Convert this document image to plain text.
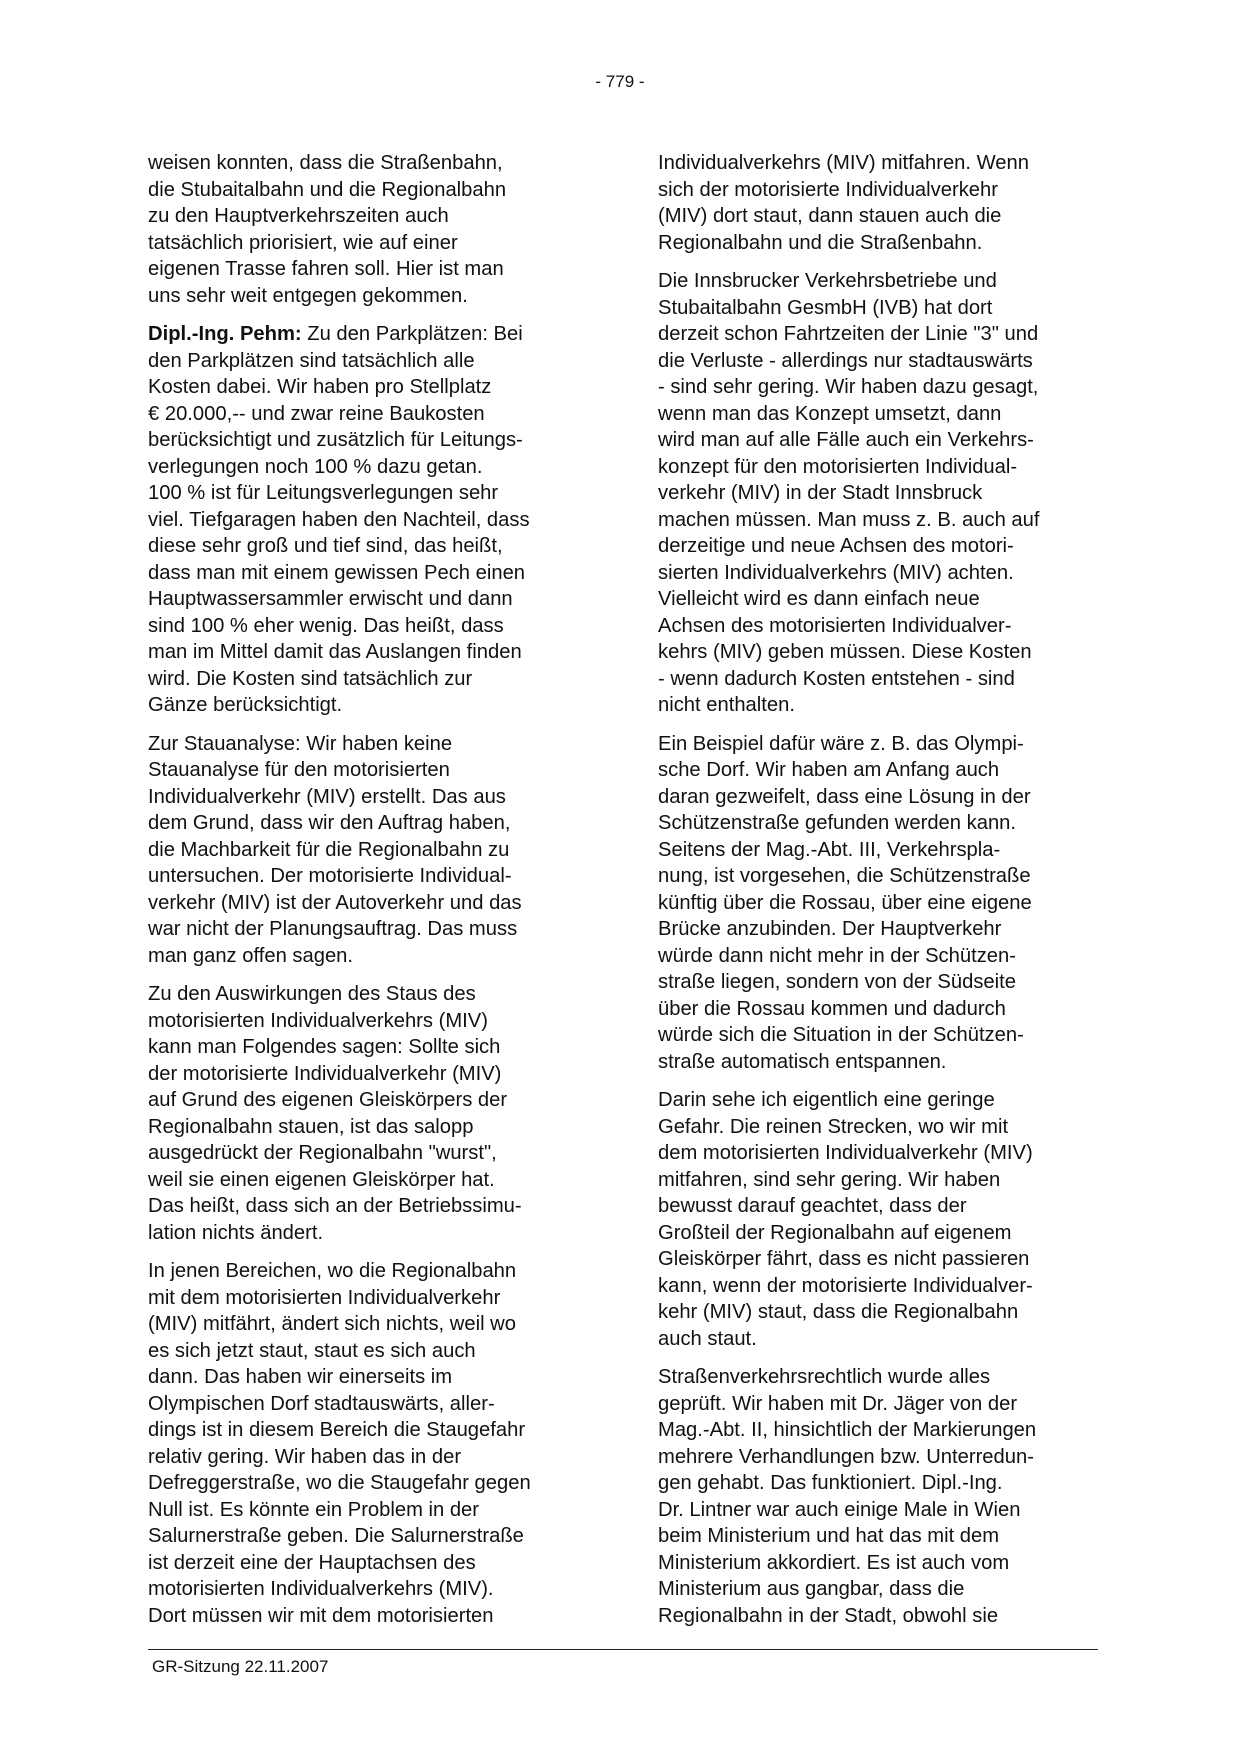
- 779 -
weisen konnten, dass die Straßenbahn,
die Stubaitalbahn und die Regionalbahn
zu den Hauptverkehrszeiten auch
tatsächlich priorisiert, wie auf einer
eigenen Trasse fahren soll. Hier ist man
uns sehr weit entgegen gekommen.
Dipl.-Ing. Pehm: Zu den Parkplätzen: Bei
den Parkplätzen sind tatsächlich alle
Kosten dabei. Wir haben pro Stellplatz
€ 20.000,-- und zwar reine Baukosten
berücksichtigt und zusätzlich für Leitungs-
verlegungen noch 100 % dazu getan.
100 % ist für Leitungsverlegungen sehr
viel. Tiefgaragen haben den Nachteil, dass
diese sehr groß und tief sind, das heißt,
dass man mit einem gewissen Pech einen
Hauptwassersammler erwischt und dann
sind 100 % eher wenig. Das heißt, dass
man im Mittel damit das Auslangen finden
wird. Die Kosten sind tatsächlich zur
Gänze berücksichtigt.
Zur Stauanalyse: Wir haben keine
Stauanalyse für den motorisierten
Individualverkehr (MIV) erstellt. Das aus
dem Grund, dass wir den Auftrag haben,
die Machbarkeit für die Regionalbahn zu
untersuchen. Der motorisierte Individual-
verkehr (MIV) ist der Autoverkehr und das
war nicht der Planungsauftrag. Das muss
man ganz offen sagen.
Zu den Auswirkungen des Staus des
motorisierten Individualverkehrs (MIV)
kann man Folgendes sagen: Sollte sich
der motorisierte Individualverkehr (MIV)
auf Grund des eigenen Gleiskörpers der
Regionalbahn stauen, ist das salopp
ausgedrückt der Regionalbahn "wurst",
weil sie einen eigenen Gleiskörper hat.
Das heißt, dass sich an der Betriebssimu-
lation nichts ändert.
In jenen Bereichen, wo die Regionalbahn
mit dem motorisierten Individualverkehr
(MIV) mitfährt, ändert sich nichts, weil wo
es sich jetzt staut, staut es sich auch
dann. Das haben wir einerseits im
Olympischen Dorf stadtauswärts, aller-
dings ist in diesem Bereich die Staugefahr
relativ gering. Wir haben das in der
Defreggerstraße, wo die Staugefahr gegen
Null ist. Es könnte ein Problem in der
Salurnerstraße geben. Die Salurnerstraße
ist derzeit eine der Hauptachsen des
motorisierten Individualverkehrs (MIV).
Dort müssen wir mit dem motorisierten
Individualverkehrs (MIV) mitfahren. Wenn
sich der motorisierte Individualverkehr
(MIV) dort staut, dann stauen auch die
Regionalbahn und die Straßenbahn.
Die Innsbrucker Verkehrsbetriebe und
Stubaitalbahn GesmbH (IVB) hat dort
derzeit schon Fahrtzeiten der Linie "3" und
die Verluste - allerdings nur stadtauswärts
- sind sehr gering. Wir haben dazu gesagt,
wenn man das Konzept umsetzt, dann
wird man auf alle Fälle auch ein Verkehrs-
konzept für den motorisierten Individual-
verkehr (MIV) in der Stadt Innsbruck
machen müssen. Man muss z. B. auch auf
derzeitige und neue Achsen des motori-
sierten Individualverkehrs (MIV) achten.
Vielleicht wird es dann einfach neue
Achsen des motorisierten Individualver-
kehrs (MIV) geben müssen. Diese Kosten
- wenn dadurch Kosten entstehen - sind
nicht enthalten.
Ein Beispiel dafür wäre z. B. das Olympi-
sche Dorf. Wir haben am Anfang auch
daran gezweifelt, dass eine Lösung in der
Schützenstraße gefunden werden kann.
Seitens der Mag.-Abt. III, Verkehrspla-
nung, ist vorgesehen, die Schützenstraße
künftig über die Rossau, über eine eigene
Brücke anzubinden. Der Hauptverkehr
würde dann nicht mehr in der Schützen-
straße liegen, sondern von der Südseite
über die Rossau kommen und dadurch
würde sich die Situation in der Schützen-
straße automatisch entspannen.
Darin sehe ich eigentlich eine geringe
Gefahr. Die reinen Strecken, wo wir mit
dem motorisierten Individualverkehr (MIV)
mitfahren, sind sehr gering. Wir haben
bewusst darauf geachtet, dass der
Großteil der Regionalbahn auf eigenem
Gleiskörper fährt, dass es nicht passieren
kann, wenn der motorisierte Individualver-
kehr (MIV) staut, dass die Regionalbahn
auch staut.
Straßenverkehrsrechtlich wurde alles
geprüft. Wir haben mit Dr. Jäger von der
Mag.-Abt. II, hinsichtlich der Markierungen
mehrere Verhandlungen bzw. Unterredun-
gen gehabt. Das funktioniert. Dipl.-Ing.
Dr. Lintner war auch einige Male in Wien
beim Ministerium und hat das mit dem
Ministerium akkordiert. Es ist auch vom
Ministerium aus gangbar, dass die
Regionalbahn in der Stadt, obwohl sie
GR-Sitzung 22.11.2007
